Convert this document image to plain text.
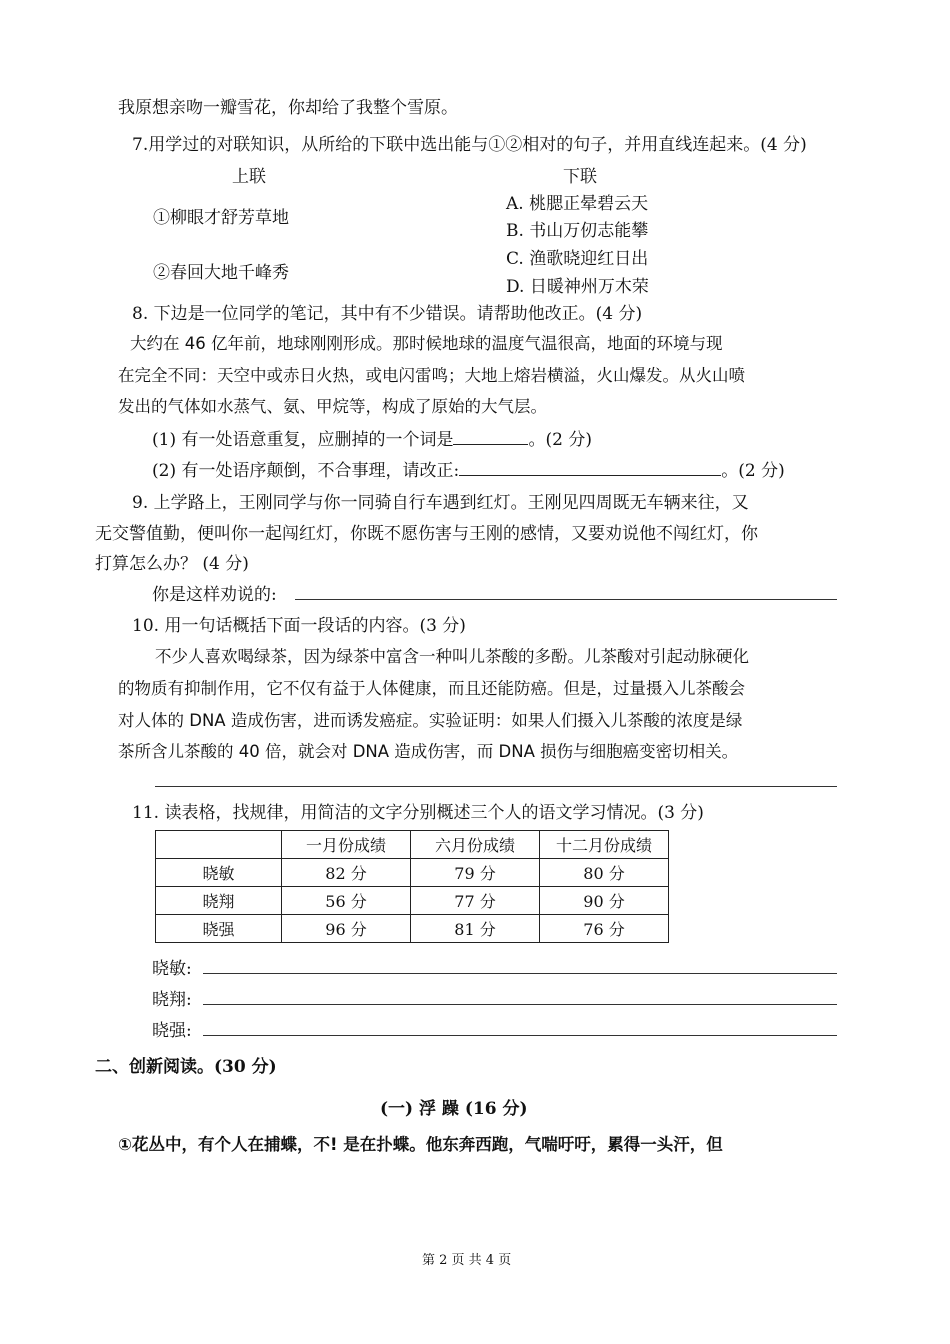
我原想亲吻一瓣雪花，你却给了我整个雪原。
7.用学过的对联知识，从所给的下联中选出能与①②相对的句子，并用直线连起来。(4 分)
上联	下联
①柳眼才舒芳草地
②春回大地千峰秀
A. 桃腮正晕碧云天
B. 书山万仞志能攀
C. 渔歌晓迎红日出
D. 日暖神州万木荣
8. 下边是一位同学的笔记，其中有不少错误。请帮助他改正。(4 分)
大约在 46 亿年前，地球刚刚形成。那时候地球的温度气温很高，地面的环境与现
在完全不同：天空中或赤日火热，或电闪雷鸣；大地上熔岩横溢，火山爆发。从火山喷
发出的气体如水蒸气、氨、甲烷等，构成了原始的大气层。
(1) 有一处语意重复，应删掉的一个词是	。(2 分)
(2) 有一处语序颠倒，不合事理，请改正:	。(2 分)
9. 上学路上，王刚同学与你一同骑自行车遇到红灯。王刚见四周既无车辆来往，又
无交警值勤，便叫你一起闯红灯，你既不愿伤害与王刚的感情，又要劝说他不闯红灯，你
打算怎么办？ (4 分)
你是这样劝说的:
10. 用一句话概括下面一段话的内容。(3 分)
不少人喜欢喝绿茶，因为绿茶中富含一种叫儿茶酸的多酚。儿茶酸对引起动脉硬化
的物质有抑制作用，它不仅有益于人体健康，而且还能防癌。但是，过量摄入儿茶酸会
对人体的 DNA 造成伤害，进而诱发癌症。实验证明：如果人们摄入儿茶酸的浓度是绿
茶所含儿茶酸的 40 倍，就会对 DNA 造成伤害，而 DNA 损伤与细胞癌变密切相关。
11. 读表格，找规律，用简洁的文字分别概述三个人的语文学习情况。(3 分)
	一月份成绩	六月份成绩	十二月份成绩
晓敏	82 分	79 分	80 分
晓翔	56 分	77 分	90 分
晓强	96 分	81 分	76 分
晓敏:
晓翔:
晓强:
二、创新阅读。(30 分)
(一) 浮 躁 (16 分)
①花丛中，有个人在捕蝶，不! 是在扑蝶。他东奔西跑，气喘吁吁，累得一头汗，但
第 2 页 共 4 页
